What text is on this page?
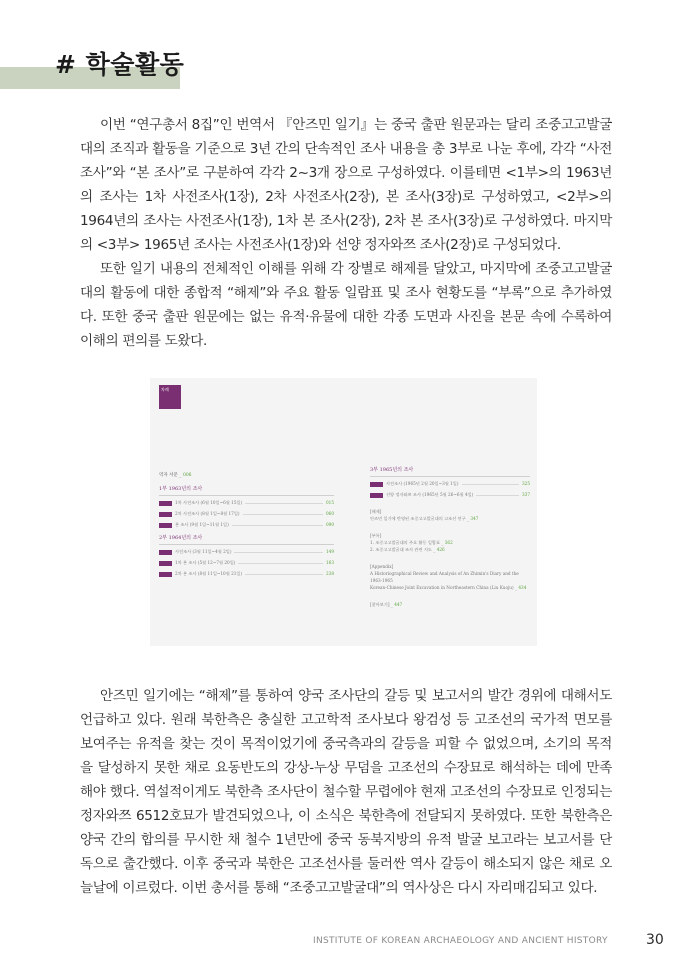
# 학술활동

이번 “연구총서 8집”인 번역서 『안즈민 일기』는 중국 출판 원문과는 달리 조중고고발굴대의 조직과 활동을 기준으로 3년 간의 단속적인 조사 내용을 총 3부로 나눈 후에, 각각 “사전조사”와 “본 조사”로 구분하여 각각 2~3개 장으로 구성하였다. 이를테면 <1부>의 1963년의 조사는 1차 사전조사(1장), 2차 사전조사(2장), 본 조사(3장)로 구성하였고, <2부>의 1964년의 조사는 사전조사(1장), 1차 본 조사(2장), 2차 본 조사(3장)로 구성하였다. 마지막의 <3부> 1965년 조사는 사전조사(1장)와 선양 정자와쯔 조사(2장)로 구성되었다.

또한 일기 내용의 전체적인 이해를 위해 각 장별로 해제를 달았고, 마지막에 조중고고발굴대의 활동에 대한 종합적 “해제”와 주요 활동 일람표 및 조사 현황도를 “부록”으로 추가하였다. 또한 중국 출판 원문에는 없는 유적·유물에 대한 각종 도면과 사진을 본문 속에 수록하여 이해의 편의를 도왔다.

차례
역자 서문 _ 006
1부 1963년의 조사
1차 사전조사 (6월 10일~6월 15일)	015
2차 사전조사 (8월 1일~8월 17일)	060
본 조사 (9월 1일~11월 1일)	090
2부 1964년의 조사
사전조사 (3월 11일~4월 2일)	149
1차 본 조사 (5월 12~7월 20일)	163
2차 본 조사 (8월 11일~10월 21일)	238
3부 1965년의 조사
사전조사 (1965년 2월 20일~3월 1일)	325
선양 정자와쯔 조사 (1965년 5월 26~6월 4일)	337
[해제]
안즈민 일기에 반영된 조중고고발굴대의 고조선 연구 _ 347
[부록]
1. 조중고고발굴대의 주요 활동 일람표 _ 362
2. 조중고고발굴대 조사 관련 지도 _ 426
[Appendix]
A Historiographical Review and Analysis of An Zhimin's Diary and the 1963-1965
Korean-Chinese Joint Excavation in Northeastern China (Liu Kuoju) _ 434
[찾아보기] _ 447

안즈민 일기에는 “해제”를 통하여 양국 조사단의 갈등 및 보고서의 발간 경위에 대해서도 언급하고 있다. 원래 북한측은 충실한 고고학적 조사보다 왕검성 등 고조선의 국가적 면모를 보여주는 유적을 찾는 것이 목적이었기에 중국측과의 갈등을 피할 수 없었으며, 소기의 목적을 달성하지 못한 채로 요동반도의 강상-누상 무덤을 고조선의 수장묘로 해석하는 데에 만족해야 했다. 역설적이게도 북한측 조사단이 철수할 무렵에야 현재 고조선의 수장묘로 인정되는 정자와쯔 6512호묘가 발견되었으나, 이 소식은 북한측에 전달되지 못하였다. 또한 북한측은 양국 간의 합의를 무시한 채 철수 1년만에 중국 동북지방의 유적 발굴 보고라는 보고서를 단독으로 출간했다. 이후 중국과 북한은 고조선사를 둘러싼 역사 갈등이 해소되지 않은 채로 오늘날에 이르렀다. 이번 총서를 통해 “조중고고발굴대”의 역사상은 다시 자리매김되고 있다.

INSTITUTE OF KOREAN ARCHAEOLOGY AND ANCIENT HISTORY	30
